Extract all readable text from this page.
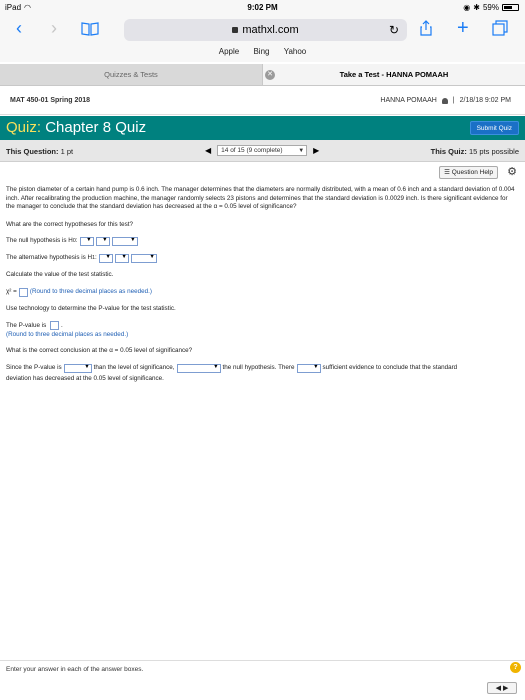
iPad ◠	9:02 PM	◉ ✱ 59%
‹ ›	mathxl.com	↻	+
Apple Bing Yahoo
Quizzes & Tests	✕	Take a Test - HANNA POMAAH
MAT 450-01 Spring 2018	HANNA POMAAH | 2/18/18 9:02 PM
Quiz: Chapter 8 Quiz	Submit Quiz
This Question: 1 pt	◀	14 of 15 (9 complete) ▼	▶	This Quiz: 15 pts possible
☰ Question Help	⚙
The piston diameter of a certain hand pump is 0.6 inch. The manager determines that the diameters are normally distributed, with a mean of 0.6 inch and a standard deviation of 0.004 inch. After recalibrating the production machine, the manager randomly selects 23 pistons and determines that the standard deviation is 0.0029 inch. Is there significant evidence for the manager to conclude that the standard deviation has decreased at the α = 0.05 level of significance?
What are the correct hypotheses for this test?
The null hypothesis is H 0 :
▼
▼
▼
The alternative hypothesis is H 1 :
▼
▼
▼
Calculate the value of the test statistic.
χ² = (Round to three decimal places as needed.)
Use technology to determine the P-value for the test statistic.
The P-value is .
(Round to three decimal places as needed.)
What is the correct conclusion at the α = 0.05 level of significance?
Since the P-value is ▼	than the level of significance, ▼	the null hypothesis. There ▼	sufficient evidence to conclude that the standard
deviation has decreased at the 0.05 level of significance.
Enter your answer in each of the answer boxes.	?
◀ ▶
